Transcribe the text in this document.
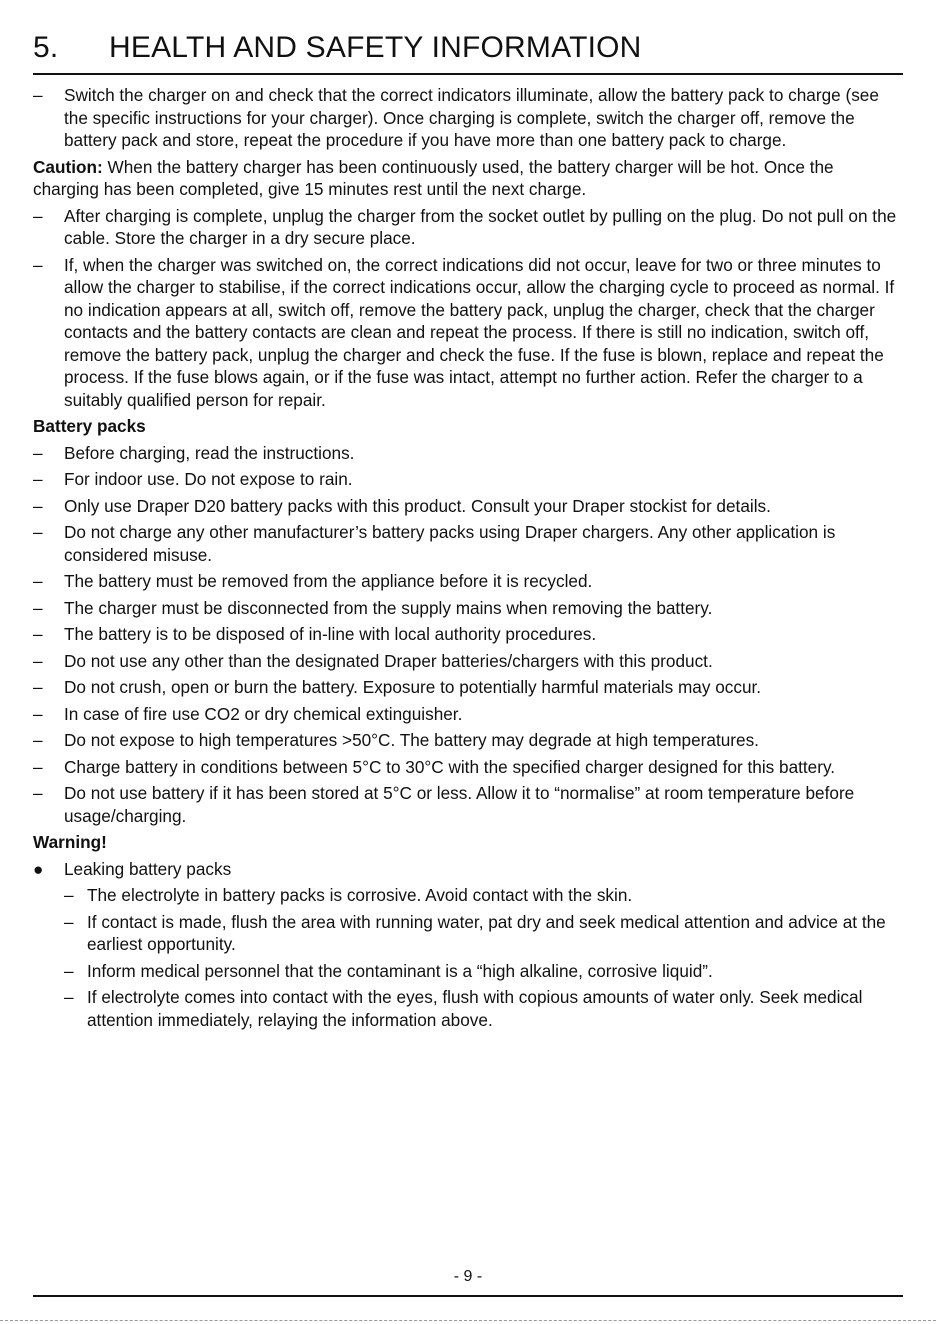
5.	HEALTH AND SAFETY INFORMATION
–	Switch the charger on and check that the correct indicators illuminate, allow the battery pack to charge (see the specific instructions for your charger). Once charging is complete, switch the charger off, remove the battery pack and store, repeat the procedure if you have more than one battery pack to charge.
Caution: When the battery charger has been continuously used, the battery charger will be hot. Once the charging has been completed, give 15 minutes rest until the next charge.
–	After charging is complete, unplug the charger from the socket outlet by pulling on the plug. Do not pull on the cable. Store the charger in a dry secure place.
–	If, when the charger was switched on, the correct indications did not occur, leave for two or three minutes to allow the charger to stabilise, if the correct indications occur, allow the charging cycle to proceed as normal. If no indication appears at all, switch off, remove the battery pack, unplug the charger, check that the charger contacts and the battery contacts are clean and repeat the process. If there is still no indication, switch off, remove the battery pack, unplug the charger and check the fuse. If the fuse is blown, replace and repeat the process. If the fuse blows again, or if the fuse was intact, attempt no further action. Refer the charger to a suitably qualified person for repair.
Battery packs
–	Before charging, read the instructions.
–	For indoor use. Do not expose to rain.
–	Only use Draper D20 battery packs with this product. Consult your Draper stockist for details.
–	Do not charge any other manufacturer’s battery packs using Draper chargers. Any other application is considered misuse.
–	The battery must be removed from the appliance before it is recycled.
–	The charger must be disconnected from the supply mains when removing the battery.
–	The battery is to be disposed of in-line with local authority procedures.
–	Do not use any other than the designated Draper batteries/chargers with this product.
–	Do not crush, open or burn the battery. Exposure to potentially harmful materials may occur.
–	In case of fire use CO2 or dry chemical extinguisher.
–	Do not expose to high temperatures >50°C. The battery may degrade at high temperatures.
–	Charge battery in conditions between 5°C to 30°C with the specified charger designed for this battery.
–	Do not use battery if it has been stored at 5°C or less. Allow it to “normalise” at room temperature before usage/charging.
Warning!
●	Leaking battery packs
– The electrolyte in battery packs is corrosive. Avoid contact with the skin.
– If contact is made, flush the area with running water, pat dry and seek medical attention and advice at the earliest opportunity.
– Inform medical personnel that the contaminant is a “high alkaline, corrosive liquid”.
– If electrolyte comes into contact with the eyes, flush with copious amounts of water only. Seek medical attention immediately, relaying the information above.
- 9 -
